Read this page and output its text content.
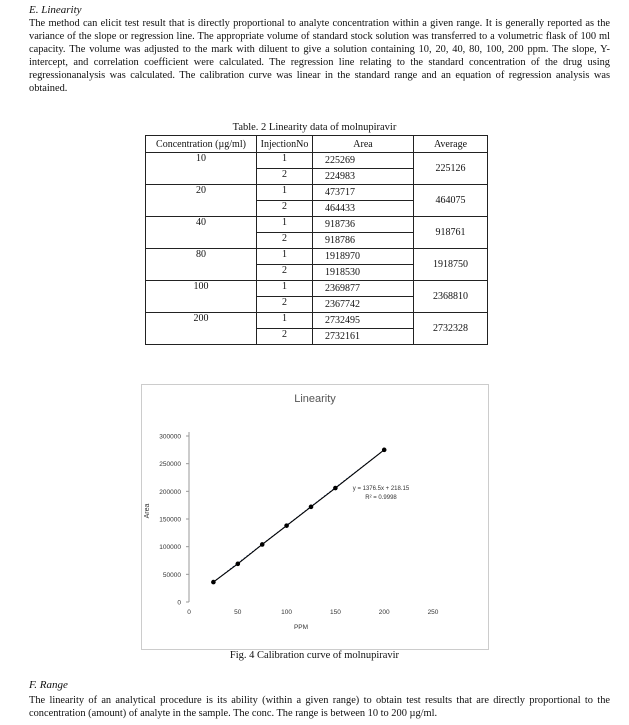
E. Linearity
The method can elicit test result that is directly proportional to analyte concentration within a given range. It is generally reported as the variance of the slope or regression line. The appropriate volume of standard stock solution was transferred to a volumetric flask of 100 ml capacity. The volume was adjusted to the mark with diluent to give a solution containing 10, 20, 40, 80, 100, 200 ppm. The slope, Y-intercept, and correlation coefficient were calculated. The regression line relating to the standard concentration of the drug using regressionanalysis was calculated. The calibration curve was linear in the standard range and an equation of regression analysis was obtained.
Table. 2 Linearity data of molnupiravir
Concentration (µg/ml)	InjectionNo	Area	Average
10	1	225269	225126
	2	224983	
20	1	473717	464075
	2	464433	
40	1	918736	918761
	2	918786	
80	1	1918970	1918750
	2	1918530	
100	1	2369877	2368810
	2	2367742	
200	1	2732495	2732328
	2	2732161	
0
50000
100000
150000
200000
250000
300000
0	50	100	150	200	250
Linearity
PPM
Area
y = 1376.5x + 218.15
R² = 0.9998
Fig. 4 Calibration curve of molnupiravir
F. Range
The linearity of an analytical procedure is its ability (within a given range) to obtain test results that are directly proportional to the concentration (amount) of analyte in the sample. The conc. The range is between 10 to 200 µg/ml.
